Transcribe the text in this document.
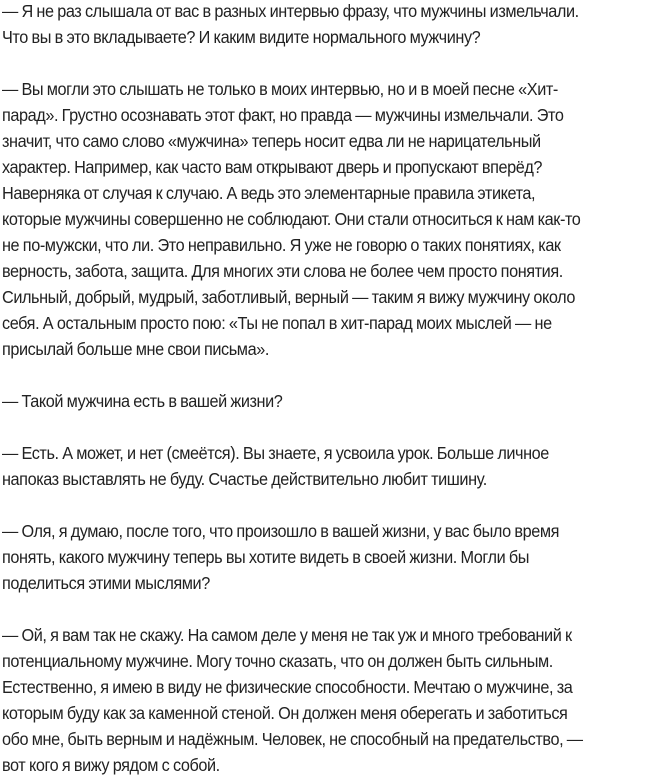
— Я не раз слышала от вас в разных интервью фразу, что мужчины измельчали.
Что вы в это вкладываете? И каким видите нормального мужчину?

— Вы могли это слышать не только в моих интервью, но и в моей песне «Хит-
парад». Грустно осознавать этот факт, но правда — мужчины измельчали. Это
значит, что само слово «мужчина» теперь носит едва ли не нарицательный
характер. Например, как часто вам открывают дверь и пропускают вперёд?
Наверняка от случая к случаю. А ведь это элементарные правила этикета,
которые мужчины совершенно не соблюдают. Они стали относиться к нам как-то
не по-мужски, что ли. Это неправильно. Я уже не говорю о таких понятиях, как
верность, забота, защита. Для многих эти слова не более чем просто понятия.
Сильный, добрый, мудрый, заботливый, верный — таким я вижу мужчину около
себя. А остальным просто пою: «Ты не попал в хит-парад моих мыслей — не
присылай больше мне свои письма».

— Такой мужчина есть в вашей жизни?

— Есть. А может, и нет (смеётся). Вы знаете, я усвоила урок. Больше личное
напоказ выставлять не буду. Счастье действительно любит тишину.

— Оля, я думаю, после того, что произошло в вашей жизни, у вас было время
понять, какого мужчину теперь вы хотите видеть в своей жизни. Могли бы
поделиться этими мыслями?

— Ой, я вам так не скажу. На самом деле у меня не так уж и много требований к
потенциальному мужчине. Могу точно сказать, что он должен быть сильным.
Естественно, я имею в виду не физические способности. Мечтаю о мужчине, за
которым буду как за каменной стеной. Он должен меня оберегать и заботиться
обо мне, быть верным и надёжным. Человек, не способный на предательство, —
вот кого я вижу рядом с собой.
